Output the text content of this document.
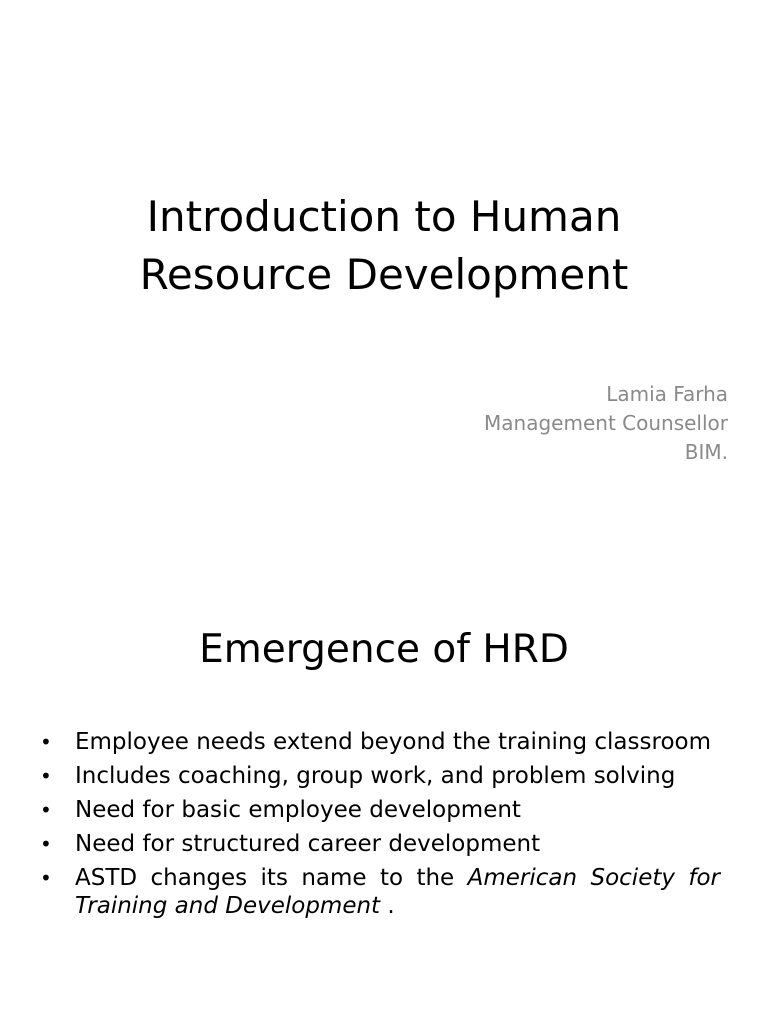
Introduction to Human
Resource Development
Lamia Farha
Management Counsellor
BIM.
Emergence of HRD
• Employee needs extend beyond the training classroom
• Includes coaching, group work, and problem solving
• Need for basic employee development
• Need for structured career development
• ASTD changes its name to the American Society for Training and Development .
